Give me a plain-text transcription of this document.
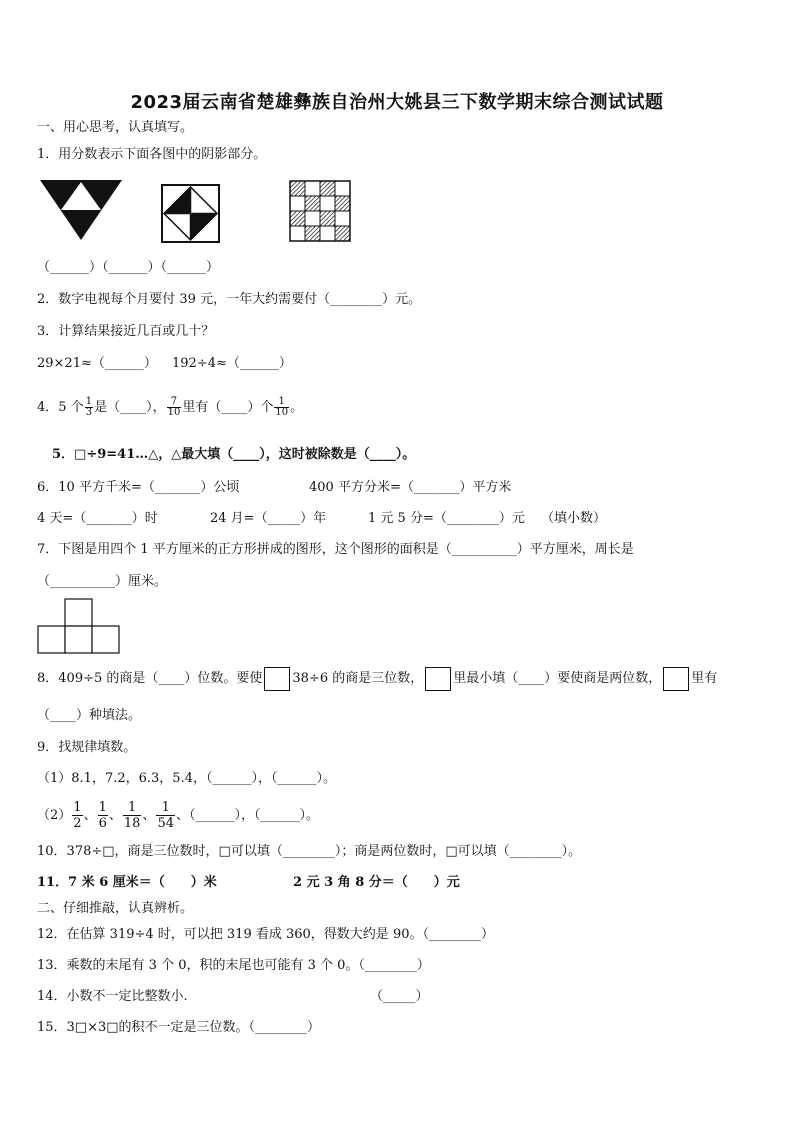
2023届云南省楚雄彝族自治州大姚县三下数学期末综合测试试题
一、用心思考，认真填写。
1．用分数表示下面各图中的阴影部分。
（______）（______）（______）
2．数字电视每个月要付 39 元，一年大约需要付（________）元。
3．计算结果接近几百或几十？
29×21≈（______） 192÷4≈（______）
4．5 个 $\frac{1}{3}$ 是（____）， $\frac{7}{10}$ 里有（____）个 $\frac{1}{10}$ 。
5．□÷9=41…△，△最大填（____），这时被除数是（____）。
6．10 平方千米=（_______）公顷	400 平方分米=（_______）平方米
4 天=（_______）时	24 月=（_____）年	1 元 5 分=（________）元 （填小数）
7．下图是用四个 1 平方厘米的正方形拼成的图形，这个图形的面积是（__________）平方厘米，周长是
（__________）厘米。
8．409÷5 的商是（____）位数。要使 38÷6 的商是三位数， 里最小填（____）要使商是两位数， 里有
（____）种填法。
9．找规律填数。
（1）8.1，7.2，6.3，5.4，（______），（______）。
$(2) \frac{1}{2}$ 、 $\frac{1}{6}$ 、 $\frac{1}{18}$ 、 $\frac{1}{54}$ 、（______），（______）。
10．378÷□，商是三位数时，□可以填（________）；商是两位数时，□可以填（________）。
11．7 米 6 厘米＝（　　）米	2 元 3 角 8 分＝（　　）元
二、仔细推敲，认真辨析。
12．在估算 319÷4 时，可以把 319 看成 360，得数大约是 90。（________）
13．乘数的末尾有 3 个 0，积的末尾也可能有 3 个 0。（________）
14．小数不一定比整数小.	（_____）
15．3□×3□的积不一定是三位数。（________）
